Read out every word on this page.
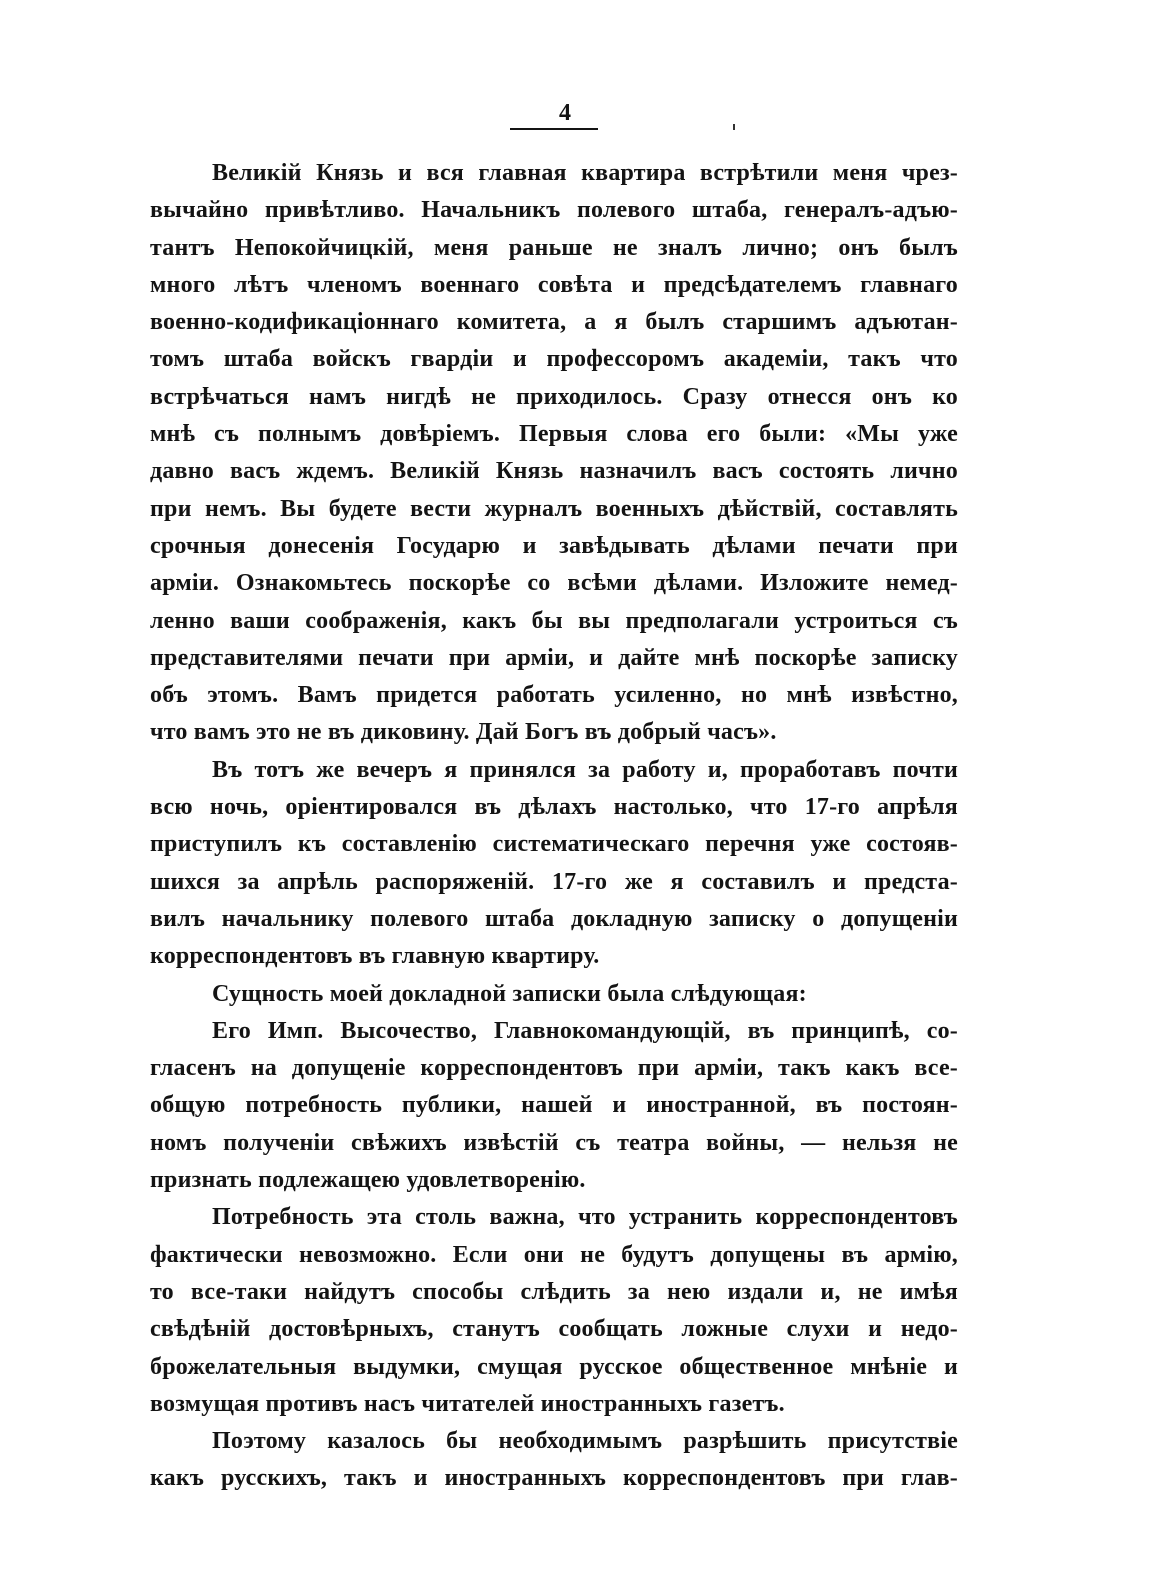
4
Великій Князь и вся главная квартира встрѣтили меня чрез-
вычайно привѣтливо. Начальникъ полевого штаба, генералъ-адъю-
тантъ Непокойчицкій, меня раньше не зналъ лично; онъ былъ
много лѣтъ членомъ военнаго совѣта и предсѣдателемъ главнаго
военно-кодификаціоннаго комитета, а я былъ старшимъ адъютан-
томъ штаба войскъ гвардіи и профессоромъ академіи, такъ что
встрѣчаться намъ нигдѣ не приходилось. Сразу отнесся онъ ко
мнѣ съ полнымъ довѣріемъ. Первыя слова его были: «Мы уже
давно васъ ждемъ. Великій Князь назначилъ васъ состоять лично
при немъ. Вы будете вести журналъ военныхъ дѣйствій, составлять
срочныя донесенія Государю и завѣдывать дѣлами печати при
арміи. Ознакомьтесь поскорѣе со всѣми дѣлами. Изложите немед-
ленно ваши соображенія, какъ бы вы предполагали устроиться съ
представителями печати при арміи, и дайте мнѣ поскорѣе записку
объ этомъ. Вамъ придется работать усиленно, но мнѣ извѣстно,
что вамъ это не въ диковину. Дай Богъ въ добрый часъ».
Въ тотъ же вечеръ я принялся за работу и, проработавъ почти
всю ночь, оріентировался въ дѣлахъ настолько, что 17-го апрѣля
приступилъ къ составленію систематическаго перечня уже состояв-
шихся за апрѣль распоряженій. 17-го же я составилъ и предста-
вилъ начальнику полевого штаба докладную записку о допущеніи
корреспондентовъ въ главную квартиру.
Сущность моей докладной записки была слѣдующая:
Его Имп. Высочество, Главнокомандующій, въ принципѣ, со-
гласенъ на допущеніе корреспондентовъ при арміи, такъ какъ все-
общую потребность публики, нашей и иностранной, въ постоян-
номъ полученіи свѣжихъ извѣстій съ театра войны, — нельзя не
признать подлежащею удовлетворенію.
Потребность эта столь важна, что устранить корреспондентовъ
фактически невозможно. Если они не будутъ допущены въ армію,
то все-таки найдутъ способы слѣдить за нею издали и, не имѣя
свѣдѣній достовѣрныхъ, станутъ сообщать ложные слухи и недо-
брожелательныя выдумки, смущая русское общественное мнѣніе и
возмущая противъ насъ читателей иностранныхъ газетъ.
Поэтому казалось бы необходимымъ разрѣшить присутствіе
какъ русскихъ, такъ и иностранныхъ корреспондентовъ при глав-
